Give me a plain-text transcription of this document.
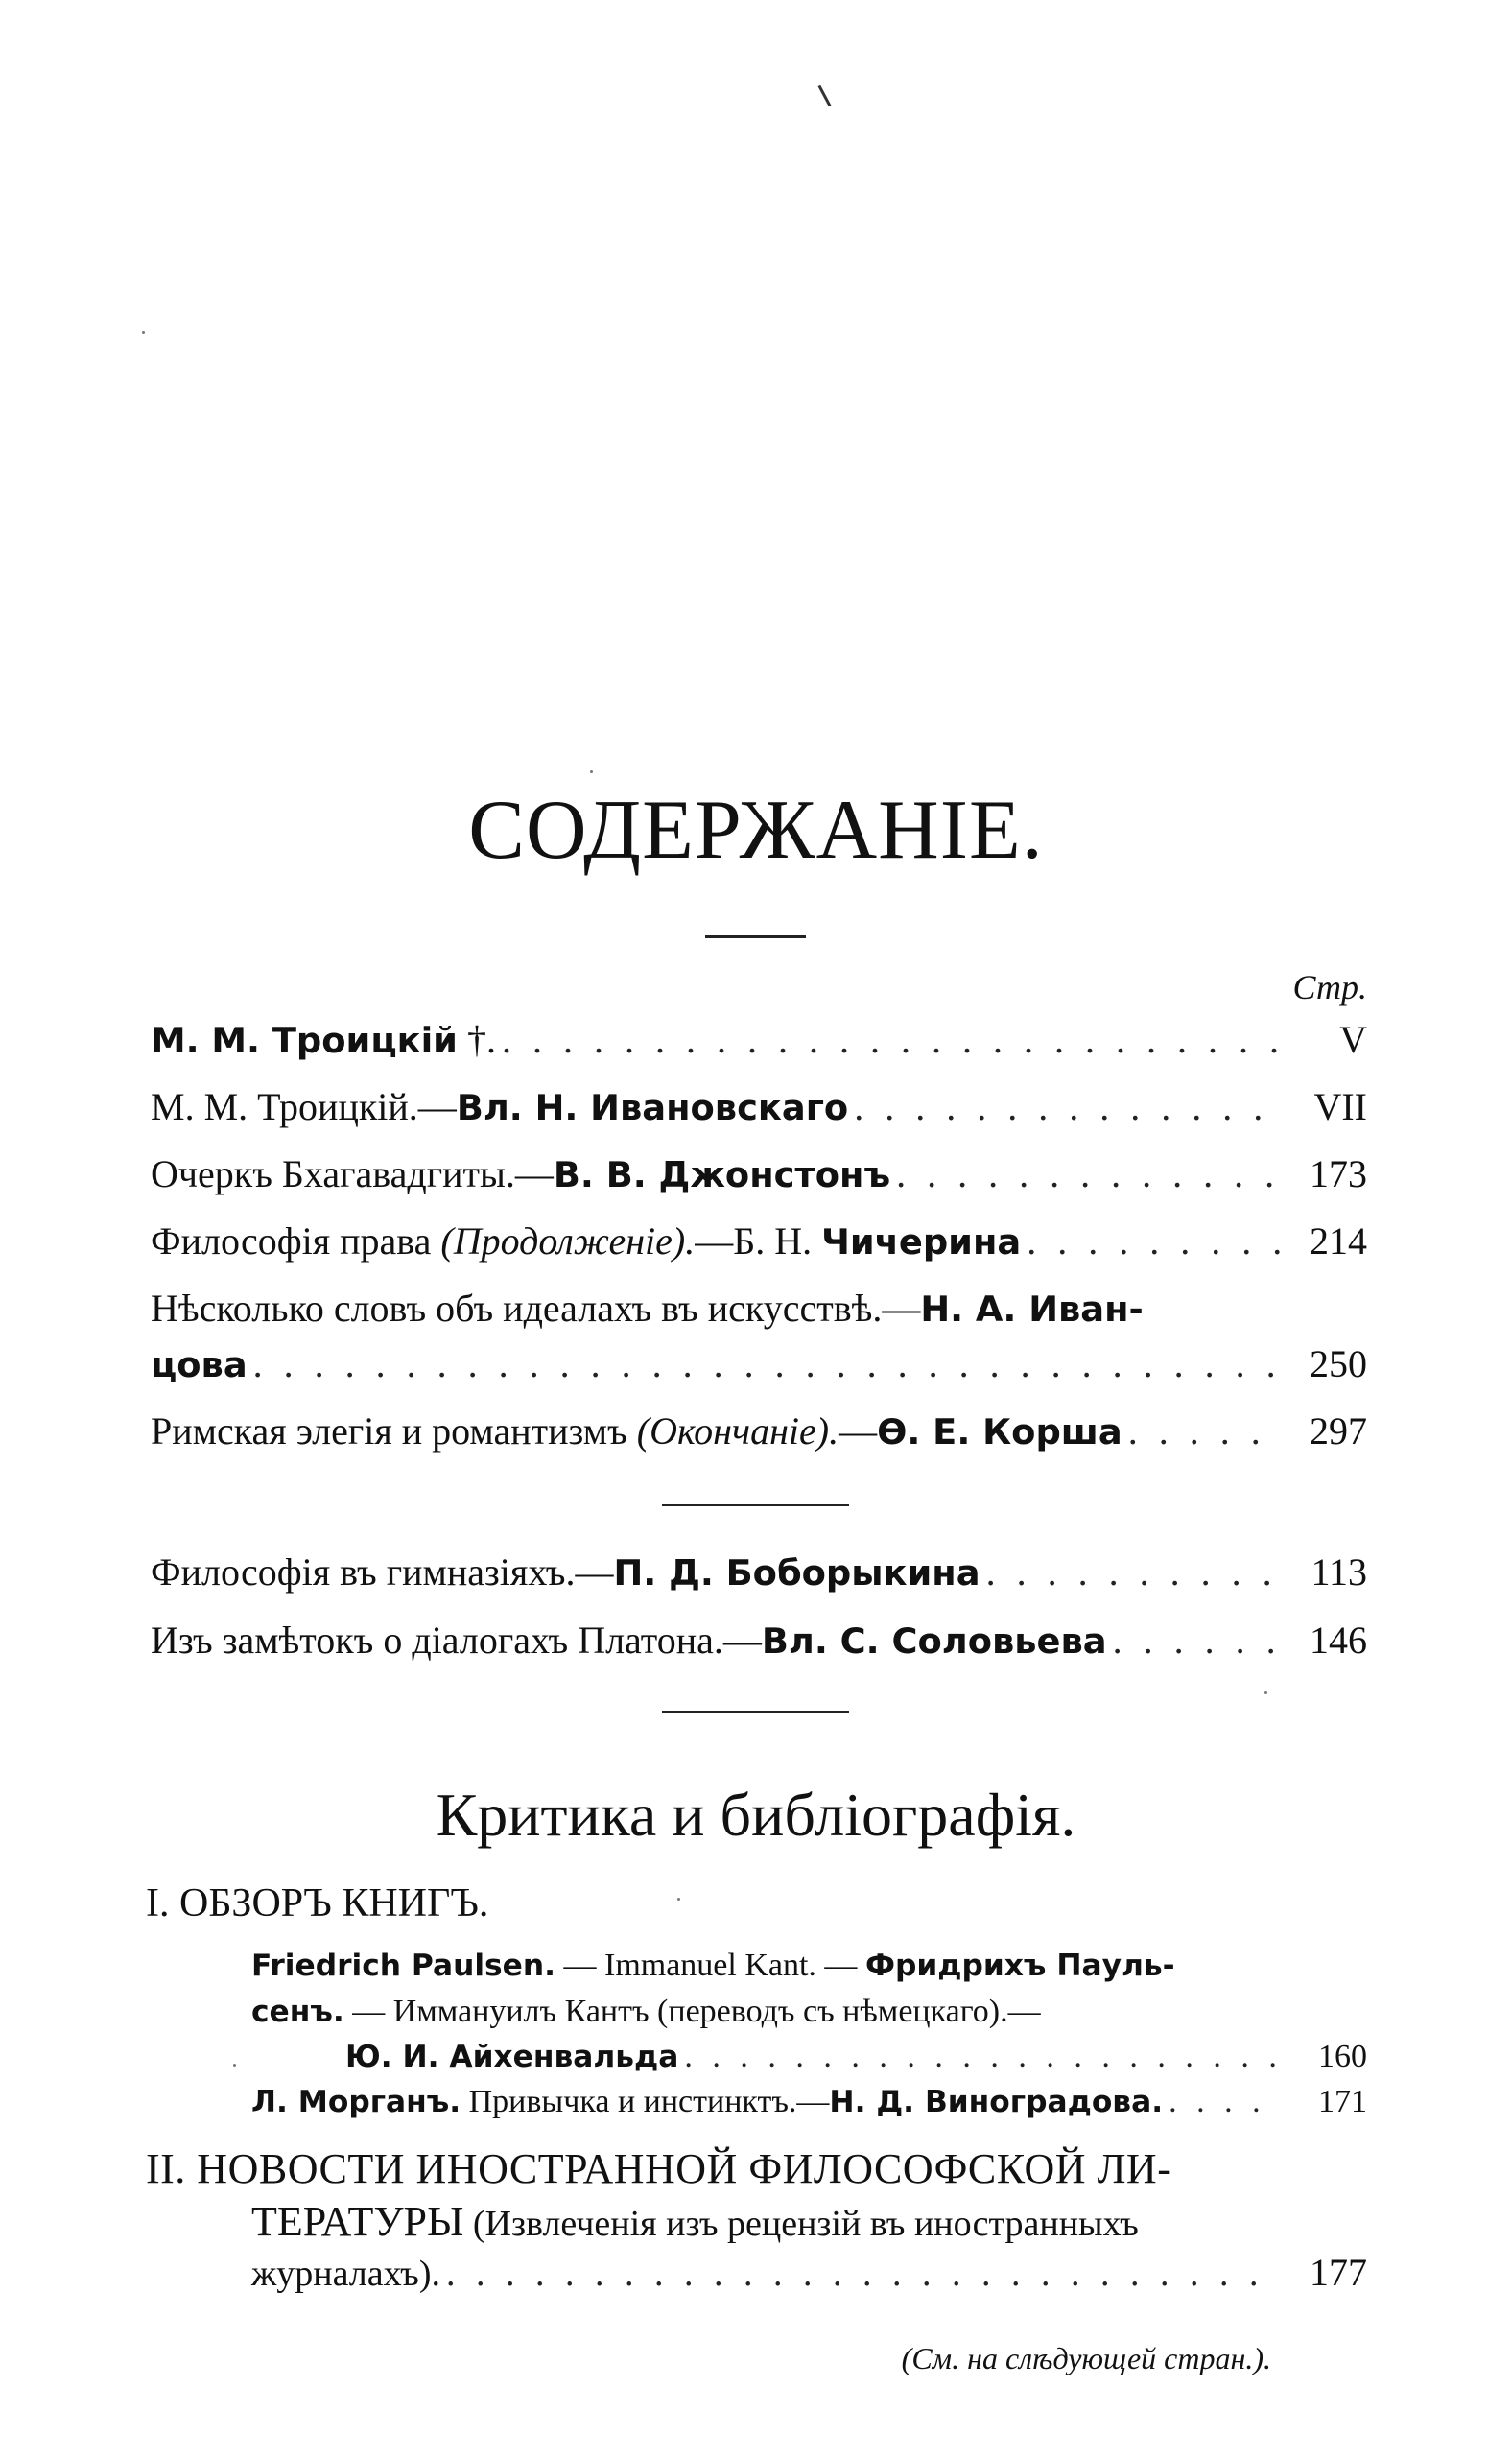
СОДЕРЖАНІЕ.
Стр.
М. М. Троицкій †. . . .	V
М. М. Троицкій.—Вл. Н. Ивановскаго . . .	VII
Очеркъ Бхагавадгиты.—В. В. Джонстонъ . . .	173
Философія права (Продолженіе).—Б. Н. Чичерина . . .	214
Нѣсколько словъ объ идеалахъ въ искусствѣ.—Н. А. Иван-
цова . . .	250
Римская элегія и романтизмъ (Окончаніе).—Ѳ. Е. Корша . . .	297
Философія въ гимназіяхъ.—П. Д. Боборыкина . . .	113
Изъ замѣтокъ о діалогахъ Платона.—Вл. С. Соловьева . . .	146
Критика и библіографія.
I. ОБЗОРЪ КНИГЪ.
Friedrich Paulsen. — Immanuel Kant. — Фридрихъ Пауль-
сенъ. — Иммануилъ Кантъ (переводъ съ нѣмецкаго).—
Ю. И. Айхенвальда . . .	160
Л. Морганъ. Привычка и инстинктъ.—Н. Д. Виноградова. . . .	171
II. НОВОСТИ ИНОСТРАННОЙ ФИЛОСОФСКОЙ ЛИ-
ТЕРАТУРЫ (Извлеченія изъ рецензій въ иностранныхъ
журналахъ). . . .	177
(См. на слѣдующей стран.).
